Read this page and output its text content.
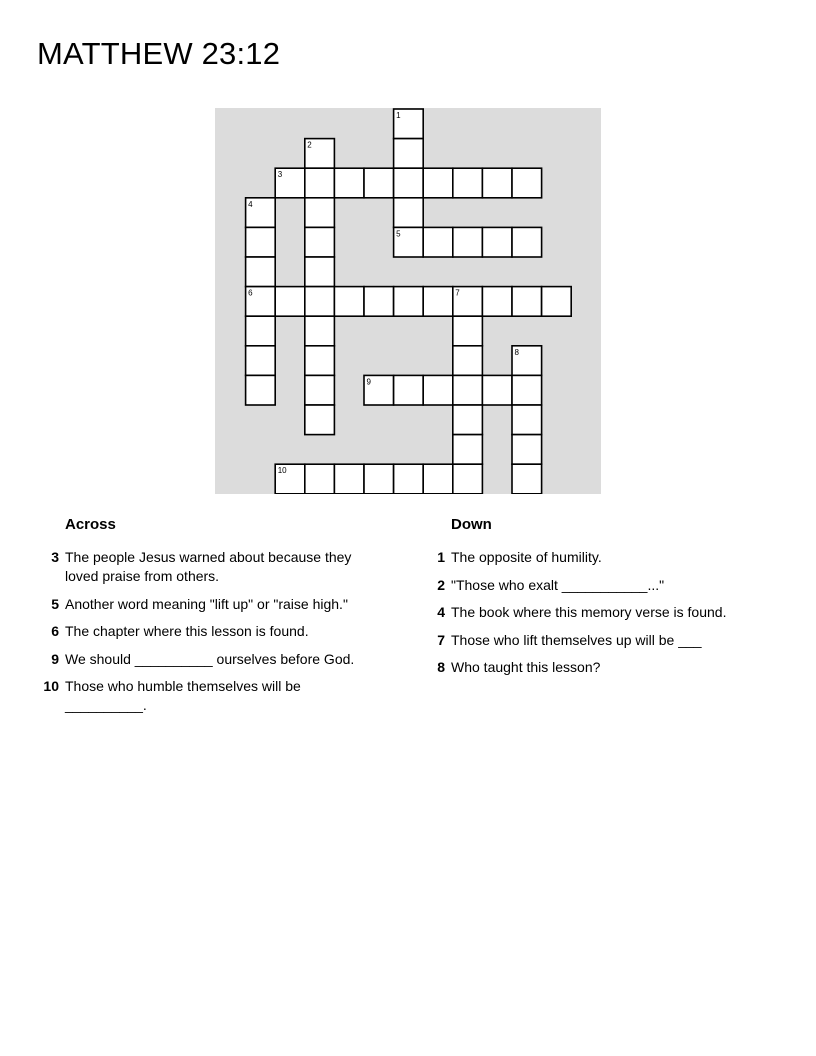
MATTHEW 23:12
1
2
3
4
5
6	7
8
9
10
Across
3 The people Jesus warned about because they loved praise from others.
5 Another word meaning "lift up" or "raise high."
6 The chapter where this lesson is found.
9 We should __________ ourselves before God.
10 Those who humble themselves will be __________.
Down
1 The opposite of humility.
2 "Those who exalt ___________..."
4 The book where this memory verse is found.
7 Those who lift themselves up will be ___
8 Who taught this lesson?
